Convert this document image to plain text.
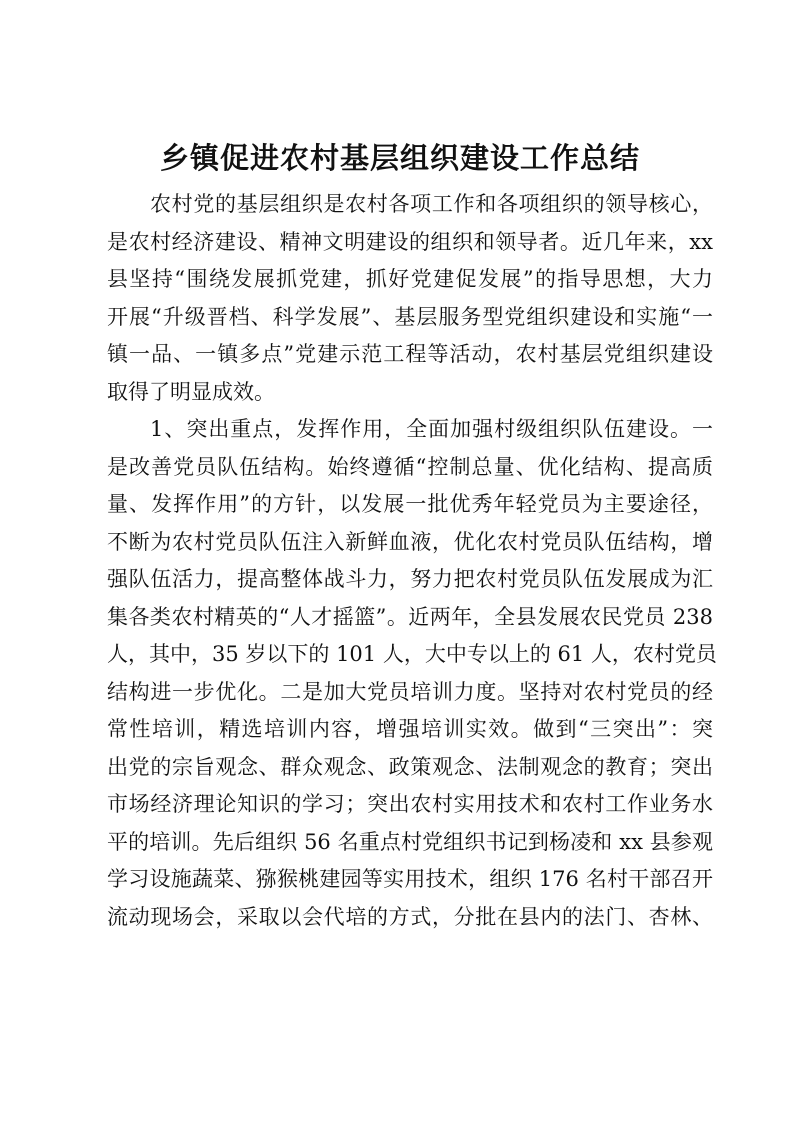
乡镇促进农村基层组织建设工作总结
农村党的基层组织是农村各项工作和各项组织的领导核心，
是农村经济建设、精神文明建设的组织和领导者。近几年来，xx
县坚持“围绕发展抓党建，抓好党建促发展”的指导思想，大力
开展“升级晋档、科学发展”、基层服务型党组织建设和实施“一
镇一品、一镇多点”党建示范工程等活动，农村基层党组织建设
取得了明显成效。
1、突出重点，发挥作用，全面加强村级组织队伍建设。一
是改善党员队伍结构。始终遵循“控制总量、优化结构、提高质
量、发挥作用”的方针，以发展一批优秀年轻党员为主要途径，
不断为农村党员队伍注入新鲜血液，优化农村党员队伍结构，增
强队伍活力，提高整体战斗力，努力把农村党员队伍发展成为汇
集各类农村精英的“人才摇篮”。近两年，全县发展农民党员 238
人，其中，35 岁以下的 101 人，大中专以上的 61 人，农村党员
结构进一步优化。二是加大党员培训力度。坚持对农村党员的经
常性培训，精选培训内容，增强培训实效。做到“三突出”：突
出党的宗旨观念、群众观念、政策观念、法制观念的教育；突出
市场经济理论知识的学习；突出农村实用技术和农村工作业务水
平的培训。先后组织 56 名重点村党组织书记到杨凌和 xx 县参观
学习设施蔬菜、猕猴桃建园等实用技术，组织 176 名村干部召开
流动现场会，采取以会代培的方式，分批在县内的法门、杏林、
